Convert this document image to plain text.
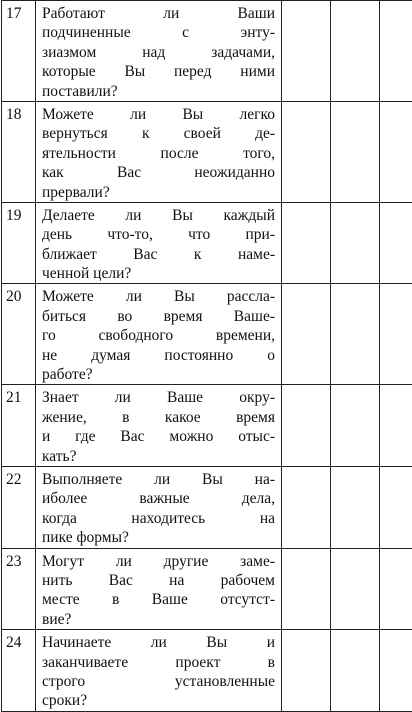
17	Работают ли Ваши
подчиненные с энту-
зиазмом над задачами,
которые Вы перед ними
поставили?			

18	Можете ли Вы легко
вернуться к своей де-
ятельности после того,
как Вас неожиданно
прервали?			

19	Делаете ли Вы каждый
день что-то, что при-
ближает Вас к наме-
ченной цели?			

20	Можете ли Вы рассла-
биться во время Ваше-
го свободного времени,
не думая постоянно о
работе?			

21	Знает ли Ваше окру-
жение, в какое время
и где Вас можно отыс-
кать?			

22	Выполняете ли Вы на-
иболее важные дела,
когда находитесь на
пике формы?			

23	Могут ли другие заме-
нить Вас на рабочем
месте в Ваше отсутст-
вие?			

24	Начинаете ли Вы и
заканчиваете проект в
строго установленные
сроки?			
